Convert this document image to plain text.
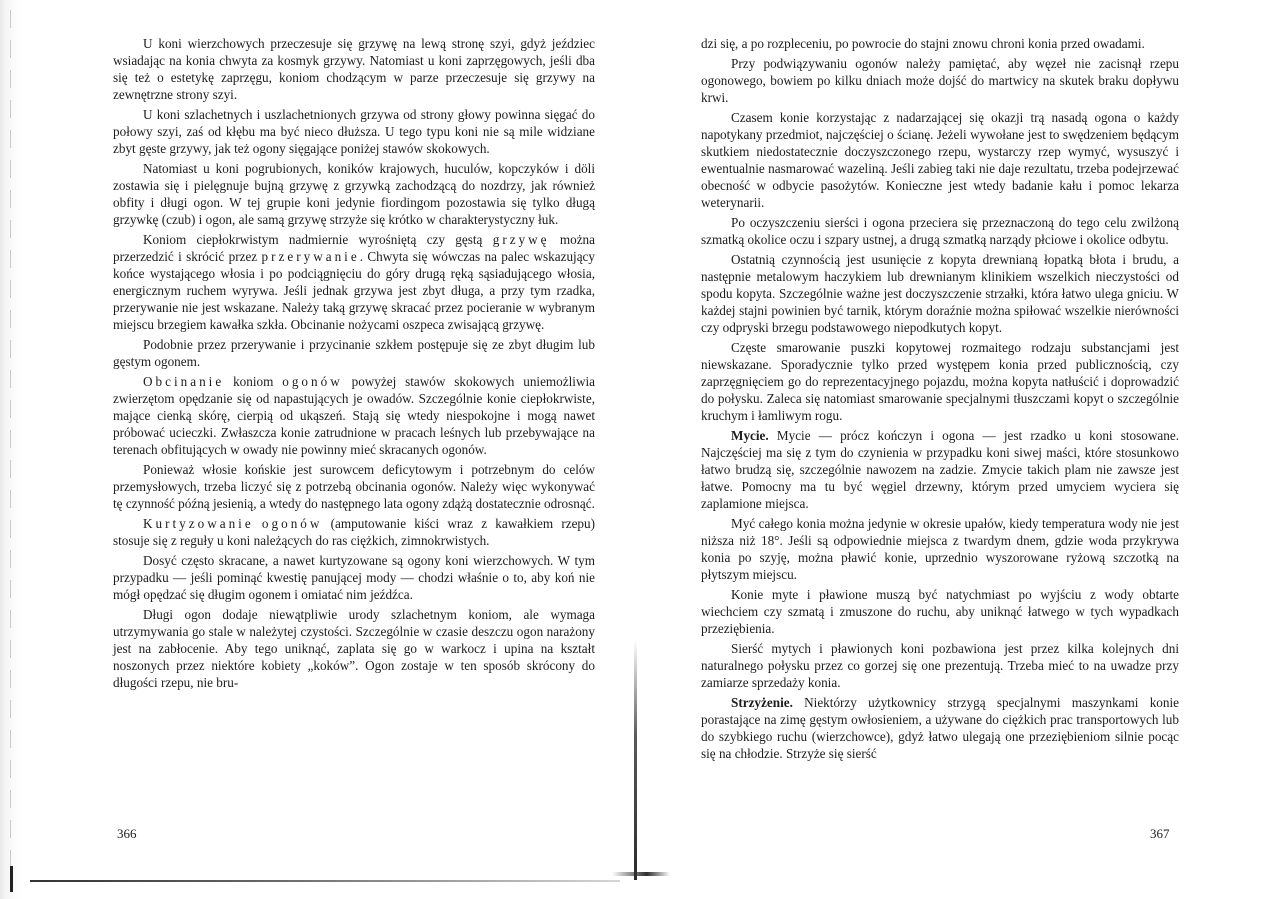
U koni wierzchowych przeczesuje się grzywę na lewą stronę szyi, gdyż jeździec wsiadając na konia chwyta za kosmyk grzywy. Natomiast u koni zaprzęgowych, jeśli dba się też o estetykę zaprzęgu, koniom chodzącym w parze przeczesuje się grzywy na zewnętrzne strony szyi.

U koni szlachetnych i uszlachetnionych grzywa od strony głowy powinna sięgać do połowy szyi, zaś od kłębu ma być nieco dłuższa. U tego typu koni nie są mile widziane zbyt gęste grzywy, jak też ogony sięgające poniżej stawów skokowych.

Natomiast u koni pogrubionych, koników krajowych, huculów, kopczyków i döli zostawia się i pielęgnuje bujną grzywę z grzywką zachodzącą do nozdrzy, jak również obfity i długi ogon. W tej grupie koni jedynie fiordingom pozostawia się tylko długą grzywkę (czub) i ogon, ale samą grzywę strzyże się krótko w charakterystyczny łuk.

Koniom ciepłokrwistym nadmiernie wyrośniętą czy gęstą grzywę można przerzedzić i skrócić przez przerywanie. Chwyta się wówczas na palec wskazujący końce wystającego włosia i po podciągnięciu do góry drugą ręką sąsiadującego włosia, energicznym ruchem wyrywa. Jeśli jednak grzywa jest zbyt długa, a przy tym rzadka, przerywanie nie jest wskazane. Należy taką grzywę skracać przez pocieranie w wybranym miejscu brzegiem kawałka szkła. Obcinanie nożycami oszpeca zwisającą grzywę.

Podobnie przez przerywanie i przycinanie szkłem postępuje się ze zbyt długim lub gęstym ogonem.

Obcinanie koniom ogonów powyżej stawów skokowych uniemożliwia zwierzętom opędzanie się od napastujących je owadów. Szczególnie konie ciepłokrwiste, mające cienką skórę, cierpią od ukąszeń. Stają się wtedy niespokojne i mogą nawet próbować ucieczki. Zwłaszcza konie zatrudnione w pracach leśnych lub przebywające na terenach obfitujących w owady nie powinny mieć skracanych ogonów.

Ponieważ włosie końskie jest surowcem deficytowym i potrzebnym do celów przemysłowych, trzeba liczyć się z potrzebą obcinania ogonów. Należy więc wykonywać tę czynność późną jesienią, a wtedy do następnego lata ogony zdążą dostatecznie odrosnąć.

Kurtyzowanie ogonów (amputowanie kiści wraz z kawałkiem rzepu) stosuje się z reguły u koni należących do ras ciężkich, zimnokrwistych.

Dosyć często skracane, a nawet kurtyzowane są ogony koni wierzchowych. W tym przypadku — jeśli pominąć kwestię panującej mody — chodzi właśnie o to, aby koń nie mógł opędzać się długim ogonem i omiatać nim jeźdźca.

Długi ogon dodaje niewątpliwie urody szlachetnym koniom, ale wymaga utrzymywania go stale w należytej czystości. Szczególnie w czasie deszczu ogon narażony jest na zabłocenie. Aby tego uniknąć, zaplata się go w warkocz i upina na kształt noszonych przez niektóre kobiety „koków”. Ogon zostaje w ten sposób skrócony do długości rzepu, nie bru-

366

dzi się, a po rozpleceniu, po powrocie do stajni znowu chroni konia przed owadami.

Przy podwiązywaniu ogonów należy pamiętać, aby węzeł nie zacisnął rzepu ogonowego, bowiem po kilku dniach może dojść do martwicy na skutek braku dopływu krwi.

Czasem konie korzystając z nadarzającej się okazji trą nasadą ogona o każdy napotykany przedmiot, najczęściej o ścianę. Jeżeli wywołane jest to swędzeniem będącym skutkiem niedostatecznie doczyszczonego rzepu, wystarczy rzep wymyć, wysuszyć i ewentualnie nasmarować wazeliną. Jeśli zabieg taki nie daje rezultatu, trzeba podejrzewać obecność w odbycie pasożytów. Konieczne jest wtedy badanie kału i pomoc lekarza weterynarii.

Po oczyszczeniu sierści i ogona przeciera się przeznaczoną do tego celu zwilżoną szmatką okolice oczu i szpary ustnej, a drugą szmatką narządy płciowe i okolice odbytu.

Ostatnią czynnością jest usunięcie z kopyta drewnianą łopatką błota i brudu, a następnie metalowym haczykiem lub drewnianym klinikiem wszelkich nieczystości od spodu kopyta. Szczególnie ważne jest doczyszczenie strzałki, która łatwo ulega gniciu. W każdej stajni powinien być tarnik, którym doraźnie można spiłować wszelkie nierówności czy odpryski brzegu podstawowego niepodkutych kopyt.

Częste smarowanie puszki kopytowej rozmaitego rodzaju substancjami jest niewskazane. Sporadycznie tylko przed występem konia przed publicznością, czy zaprzęgnięciem go do reprezentacyjnego pojazdu, można kopyta natłuścić i doprowadzić do połysku. Zaleca się natomiast smarowanie specjalnymi tłuszczami kopyt o szczególnie kruchym i łamliwym rogu.

Mycie. Mycie — prócz kończyn i ogona — jest rzadko u koni stosowane. Najczęściej ma się z tym do czynienia w przypadku koni siwej maści, które stosunkowo łatwo brudzą się, szczególnie nawozem na zadzie. Zmycie takich plam nie zawsze jest łatwe. Pomocny ma tu być węgiel drzewny, którym przed umyciem wyciera się zaplamione miejsca.

Myć całego konia można jedynie w okresie upałów, kiedy temperatura wody nie jest niższa niż 18°. Jeśli są odpowiednie miejsca z twardym dnem, gdzie woda przykrywa konia po szyję, można pławić konie, uprzednio wyszorowane ryżową szczotką na płytszym miejscu.

Konie myte i pławione muszą być natychmiast po wyjściu z wody obtarte wiechciem czy szmatą i zmuszone do ruchu, aby uniknąć łatwego w tych wypadkach przeziębienia.

Sierść mytych i pławionych koni pozbawiona jest przez kilka kolejnych dni naturalnego połysku przez co gorzej się one prezentują. Trzeba mieć to na uwadze przy zamiarze sprzedaży konia.

Strzyżenie. Niektórzy użytkownicy strzygą specjalnymi maszynkami konie porastające na zimę gęstym owłosieniem, a używane do ciężkich prac transportowych lub do szybkiego ruchu (wierzchowce), gdyż łatwo ulegają one przeziębieniom silnie pocąc się na chłodzie. Strzyże się sierść

367
